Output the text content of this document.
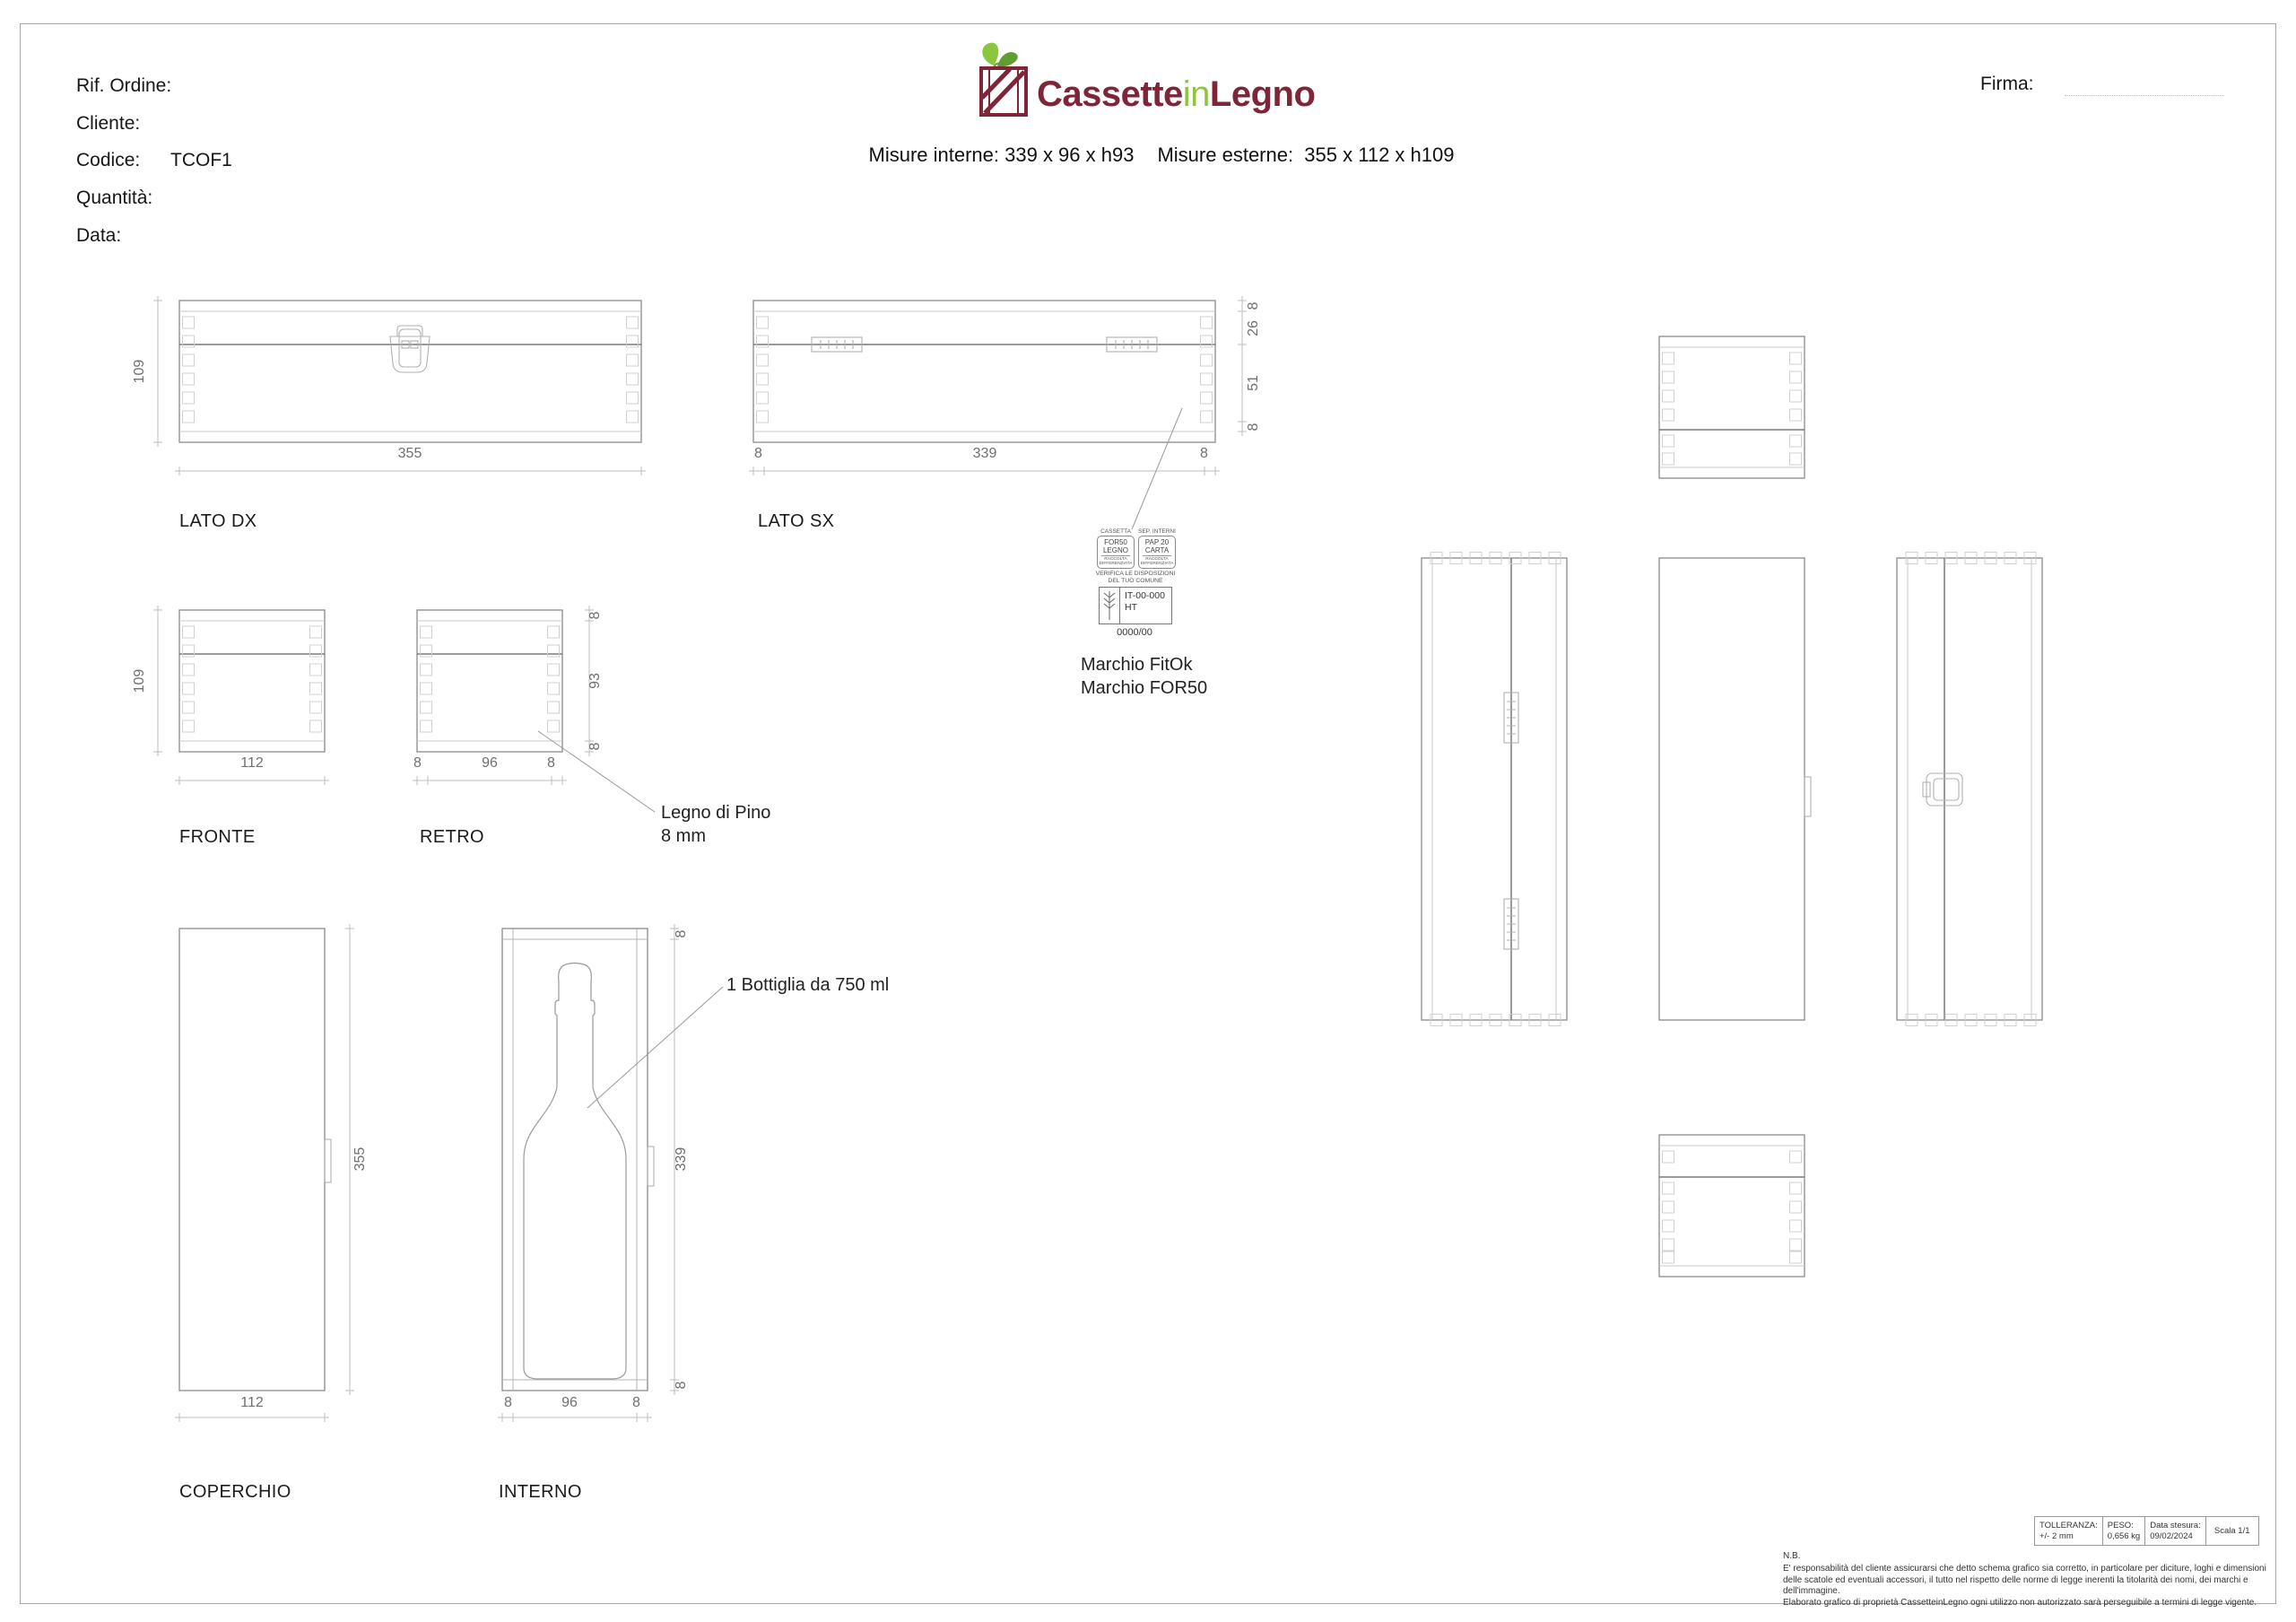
Rif. Ordine:
Cliente:
Codice: TCOF1
Quantità:
Data:
CassetteinLegno
Misure interne: 339 x 96 x h93 Misure esterne:  355 x 112 x h109
Firma:
109
355
8
26
51
8
8	339	8
109
112
8
93
8
8	96	8
355
112
8
339
8
8	96	8
LATO DX	LATO SX
FRONTE	RETRO
COPERCHIO	INTERNO
Legno di Pino
8 mm
1 Bottiglia da 750 ml
Marchio FitOk
Marchio FOR50
CASSETTA
FOR50
LEGNO
RACCOLTA
DIFFERENZIATA
SEP. INTERNI
PAP 20
CARTA
RACCOLTA
DIFFERENZIATA
VERIFICA LE DISPOSIZIONI
DEL TUO COMUNE
IT-00-000
HT
0000/00
TOLLERANZA:
+/- 2 mm
PESO:
0,656 kg
Data stesura:
09/02/2024
Scala 1/1
N.B.
E' responsabilità del cliente assicurarsi che detto schema grafico sia corretto, in particolare per diciture, loghi e dimensioni
delle scatole ed eventuali accessori, il tutto nel rispetto delle norme di legge inerenti la titolarità dei nomi, dei marchi e dell'immagine.
Elaborato grafico di proprietà CassetteinLegno ogni utilizzo non autorizzato sarà perseguibile a termini di legge vigente.
